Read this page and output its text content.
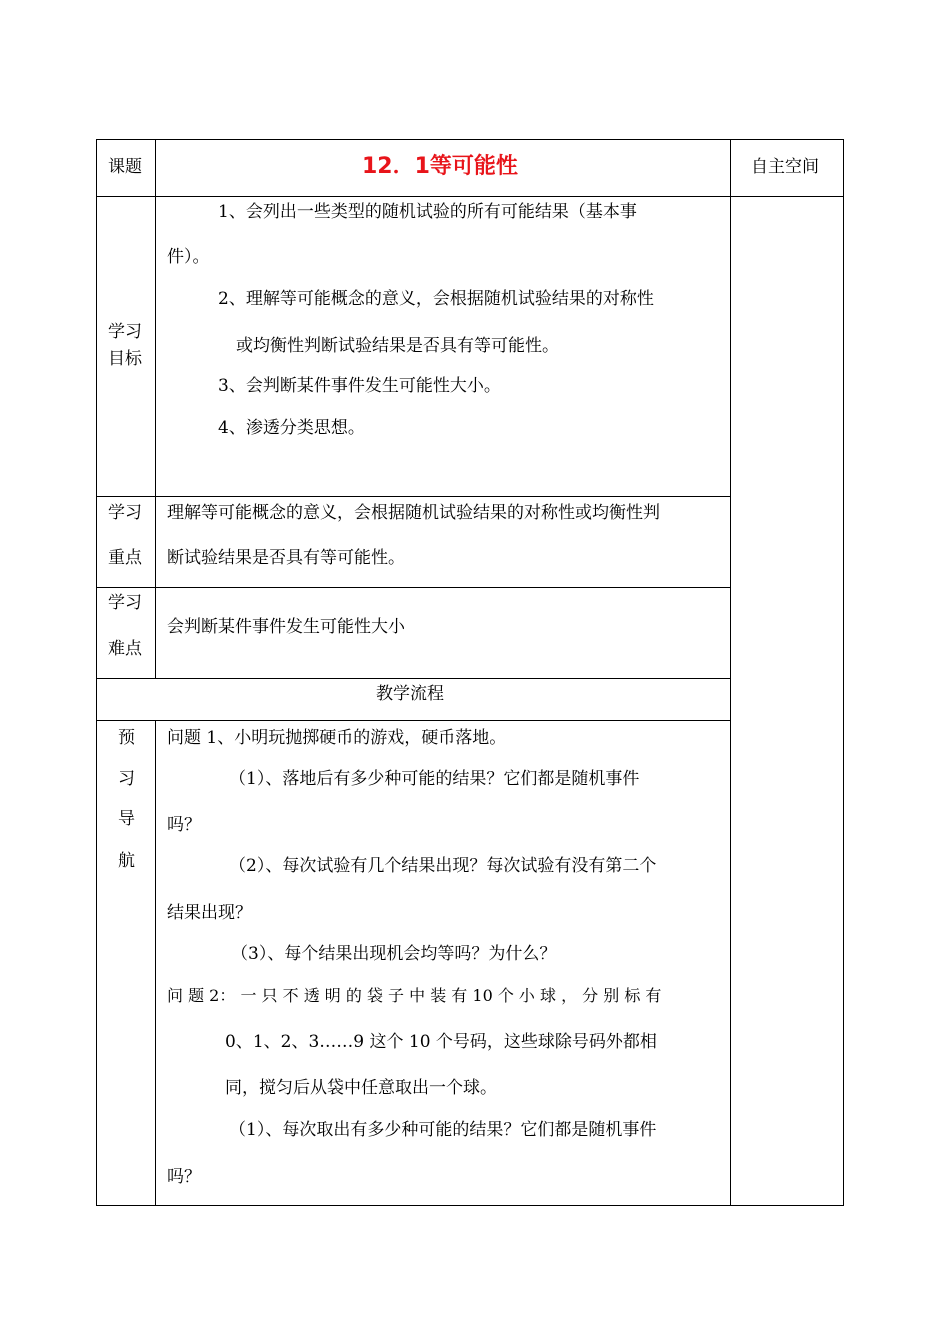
课题	12．1等可能性	自主空间
学习
目标
1、会列出一些类型的随机试验的所有可能结果（基本事
件）。
2、理解等可能概念的意义，会根据随机试验结果的对称性
或均衡性判断试验结果是否具有等可能性。
3、会判断某件事件发生可能性大小。
4、渗透分类思想。
学习
重点
理解等可能概念的意义，会根据随机试验结果的对称性或均衡性判
断试验结果是否具有等可能性。
学习
难点
会判断某件事件发生可能性大小
教学流程
预
习
导
航
问题 1、小明玩抛掷硬币的游戏，硬币落地。
（1）、落地后有多少种可能的结果？它们都是随机事件
吗？
（2）、每次试验有几个结果出现？每次试验有没有第二个
结果出现？
（3）、每个结果出现机会均等吗？为什么？
问 题 2： 一 只 不 透 明 的 袋 子 中 装 有 10 个 小 球 ， 分 别 标 有
0、1、2、3……9 这个 10 个号码，这些球除号码外都相
同，搅匀后从袋中任意取出一个球。
（1）、每次取出有多少种可能的结果？它们都是随机事件
吗？
